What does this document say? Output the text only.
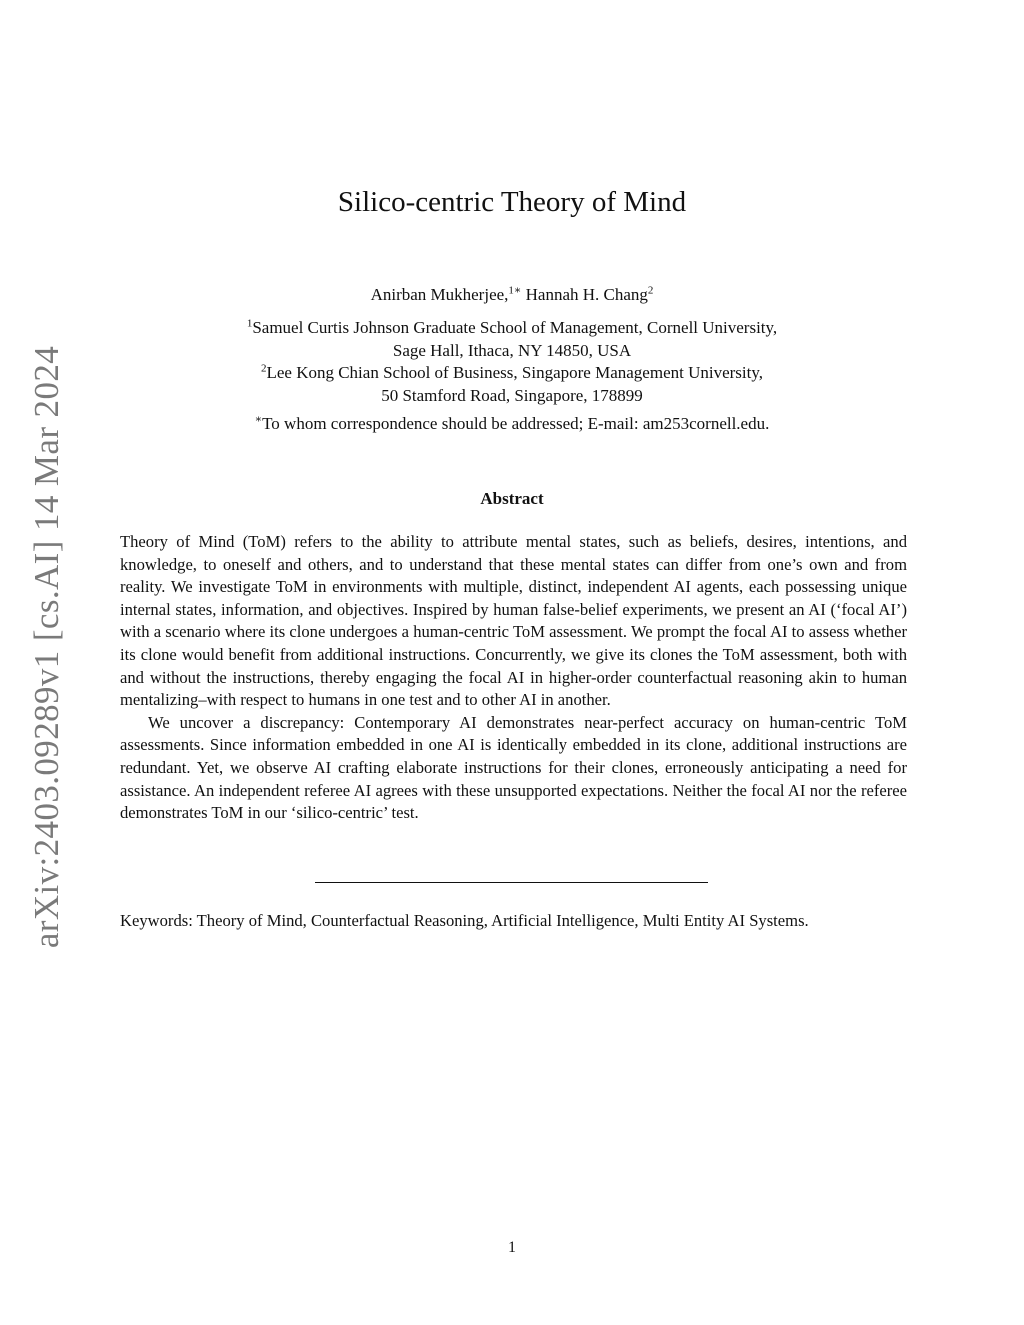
arXiv:2403.09289v1 [cs.AI] 14 Mar 2024
Silico-centric Theory of Mind
Anirban Mukherjee,$^{1∗}$ Hannah H. Chang$^2$
$^1$Samuel Curtis Johnson Graduate School of Management, Cornell University,
Sage Hall, Ithaca, NY 14850, USA
$^2$Lee Kong Chian School of Business, Singapore Management University,
50 Stamford Road, Singapore, 178899
∗To whom correspondence should be addressed; E-mail: am253cornell.edu.
Abstract

Theory of Mind (ToM) refers to the ability to attribute mental states, such as beliefs, desires, intentions, and knowledge, to oneself and others, and to understand that these mental states can differ from one’s own and from reality. We investigate ToM in environments with multiple, distinct, independent AI agents, each possessing unique internal states, information, and objectives. Inspired by human false-belief experiments, we present an AI (‘focal AI’) with a scenario where its clone undergoes a human-centric ToM assessment. We prompt the focal AI to assess whether its clone would benefit from additional instructions. Concurrently, we give its clones the ToM assessment, both with and without the instructions, thereby engaging the focal AI in higher-order counterfactual reasoning akin to human mentalizing–with respect to humans in one test and to other AI in another.

We uncover a discrepancy: Contemporary AI demonstrates near-perfect accuracy on human-centric ToM assessments. Since information embedded in one AI is identically embedded in its clone, additional instructions are redundant. Yet, we observe AI crafting elaborate instructions for their clones, erroneously anticipating a need for assistance. An independent referee AI agrees with these unsupported expectations. Neither the focal AI nor the referee demonstrates ToM in our ‘silico-centric’ test.

Keywords: Theory of Mind, Counterfactual Reasoning, Artificial Intelligence, Multi Entity AI Systems.
1
